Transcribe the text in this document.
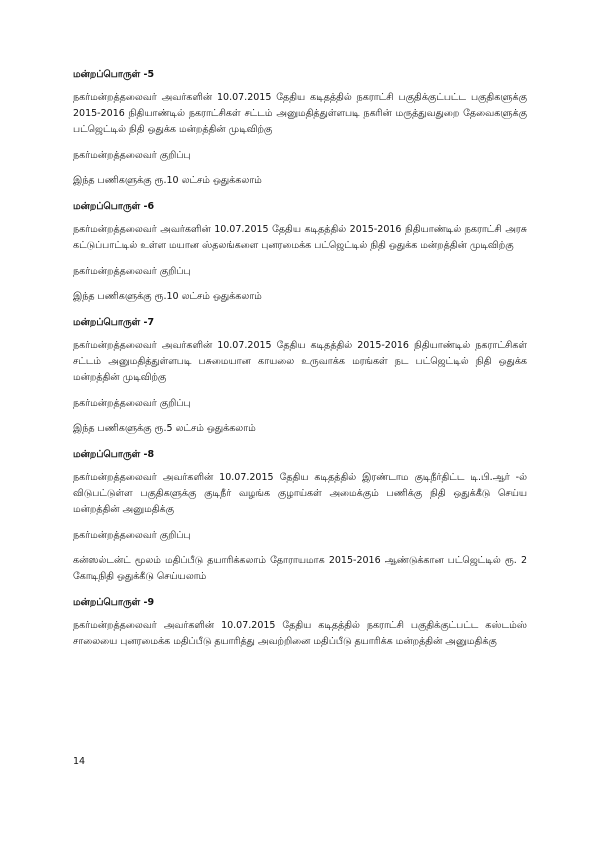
மன்றப்பொருள் -5
நகர்மன்றத்தலைவர் அவர்களின் 10.07.2015 தேதிய கடிதத்தில் நகராட்சி பகுதிக்குட்பட்ட பகுதிகளுக்கு 2015-2016 நிதியாண்டில் நகராட்சிகள் சட்டம் அனுமதித்துள்ளபடி நகரின் மருத்துவதுறை தேவைகளுக்கு பட்ஜெட்டில் நிதி ஒதுக்க மன்றத்தின் முடிவிற்கு
நகர்மன்றத்தலைவர் குறிப்பு
இந்த பணிகளுக்கு ரூ.10 லட்சம் ஒதுக்கலாம்
மன்றப்பொருள் -6
நகர்மன்றத்தலைவர் அவர்களின் 10.07.2015 தேதிய கடிதத்தில் 2015-2016 நிதியாண்டில் நகராட்சி அரசு கட்டுப்பாட்டில் உள்ள மயான ஸ்தலங்களை புனரமைக்க பட்ஜெட்டில் நிதி ஒதுக்க மன்றத்தின் முடிவிற்கு
நகர்மன்றத்தலைவர் குறிப்பு
இந்த பணிகளுக்கு ரூ.10 லட்சம் ஒதுக்கலாம்
மன்றப்பொருள் -7
நகர்மன்றத்தலைவர் அவர்களின் 10.07.2015 தேதிய கடிதத்தில் 2015-2016 நிதியாண்டில் நகராட்சிகள் சட்டம் அனுமதித்துள்ளபடி பசுமையான காயலை உருவாக்க மரங்கள் நட பட்ஜெட்டில் நிதி ஒதுக்க மன்றத்தின் முடிவிற்கு
நகர்மன்றத்தலைவர் குறிப்பு
இந்த பணிகளுக்கு ரூ.5 லட்சம் ஒதுக்கலாம்
மன்றப்பொருள் -8
நகர்மன்றத்தலைவர் அவர்களின் 10.07.2015 தேதிய கடிதத்தில் இரண்டாம குடிநீர்திட்ட டி.பி.ஆர் -ல் விடுபட்டுள்ள பகுதிகளுக்கு குடிநீர் வழங்க குழாய்கள் அமைக்கும் பணிக்கு நிதி ஒதுக்கீடு செய்ய மன்றத்தின் அனுமதிக்கு
நகர்மன்றத்தலைவர் குறிப்பு
கன்ஸல்டன்ட் மூலம் மதிப்பீடு தயாரிக்கலாம் தோராயமாக 2015-2016 ஆண்டுக்கான பட்ஜெட்டில் ரூ. 2 கோடிநிதி ஒதுக்கீடு செய்யலாம்
மன்றப்பொருள் -9
நகர்மன்றத்தலைவர் அவர்களின் 10.07.2015 தேதிய கடிதத்தில் நகராட்சி பகுதிக்குட்பட்ட கஸ்டம்ஸ் சாலையை புனரமைக்க மதிப்பீடு தயாரித்து அவற்றினை மதிப்பீடு தயாரிக்க மன்றத்தின் அனுமதிக்கு
14
